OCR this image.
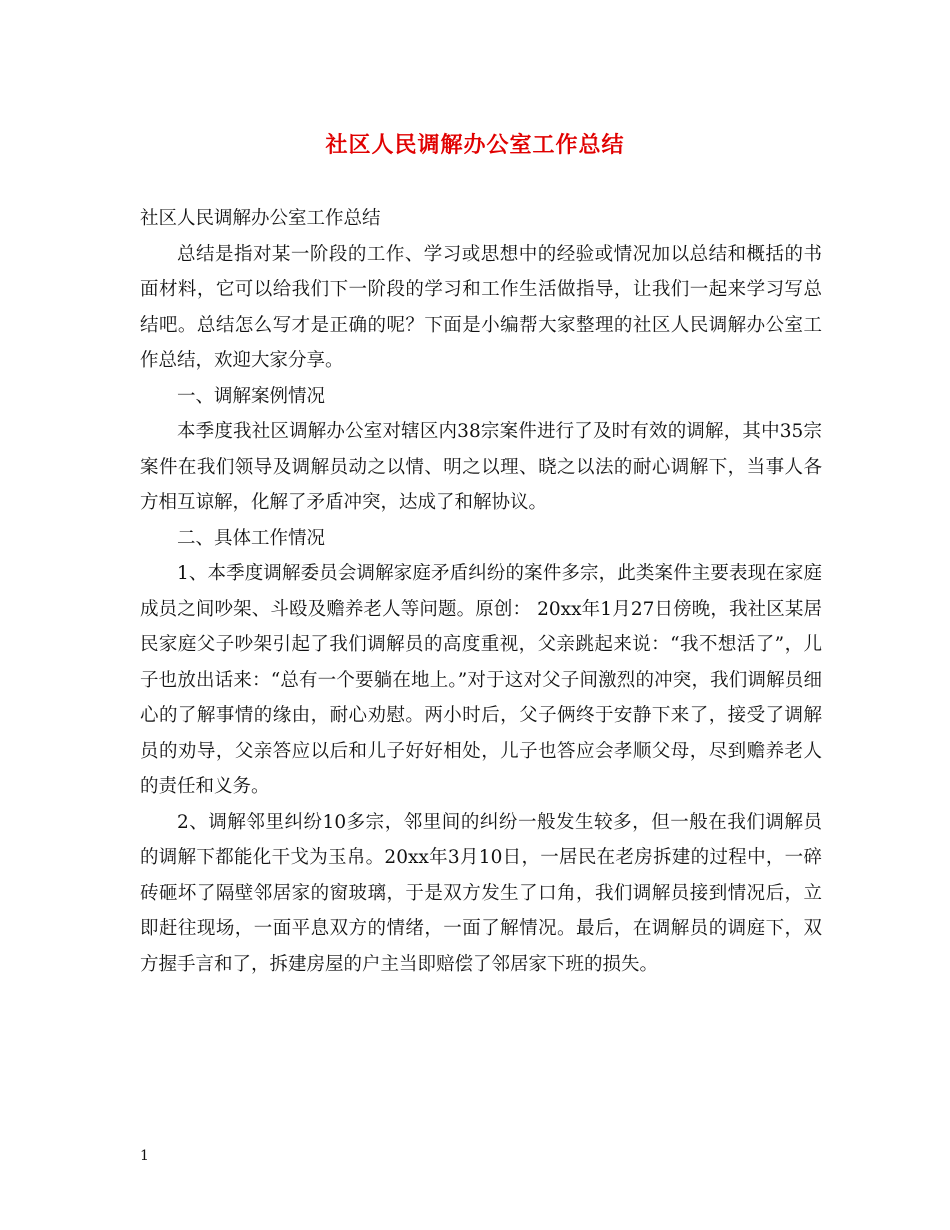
社区人民调解办公室工作总结

社区人民调解办公室工作总结

总结是指对某一阶段的工作、学习或思想中的经验或情况加以总结和概括的书面材料，它可以给我们下一阶段的学习和工作生活做指导，让我们一起来学习写总结吧。总结怎么写才是正确的呢？下面是小编帮大家整理的社区人民调解办公室工作总结，欢迎大家分享。

一、调解案例情况

本季度我社区调解办公室对辖区内38宗案件进行了及时有效的调解，其中35宗案件在我们领导及调解员动之以情、明之以理、晓之以法的耐心调解下，当事人各方相互谅解，化解了矛盾冲突，达成了和解协议。

二、具体工作情况

1、本季度调解委员会调解家庭矛盾纠纷的案件多宗，此类案件主要表现在家庭成员之间吵架、斗殴及赡养老人等问题。原创： 20xx年1月27日傍晚，我社区某居民家庭父子吵架引起了我们调解员的高度重视，父亲跳起来说：“我不想活了”，儿子也放出话来：“总有一个要躺在地上。”对于这对父子间激烈的冲突，我们调解员细心的了解事情的缘由，耐心劝慰。两小时后，父子俩终于安静下来了，接受了调解员的劝导，父亲答应以后和儿子好好相处，儿子也答应会孝顺父母，尽到赡养老人的责任和义务。

2、调解邻里纠纷10多宗，邻里间的纠纷一般发生较多，但一般在我们调解员的调解下都能化干戈为玉帛。20xx年3月10日，一居民在老房拆建的过程中，一碎砖砸坏了隔壁邻居家的窗玻璃，于是双方发生了口角，我们调解员接到情况后，立即赶往现场，一面平息双方的情绪，一面了解情况。最后，在调解员的调庭下，双方握手言和了，拆建房屋的户主当即赔偿了邻居家下班的损失。

1
